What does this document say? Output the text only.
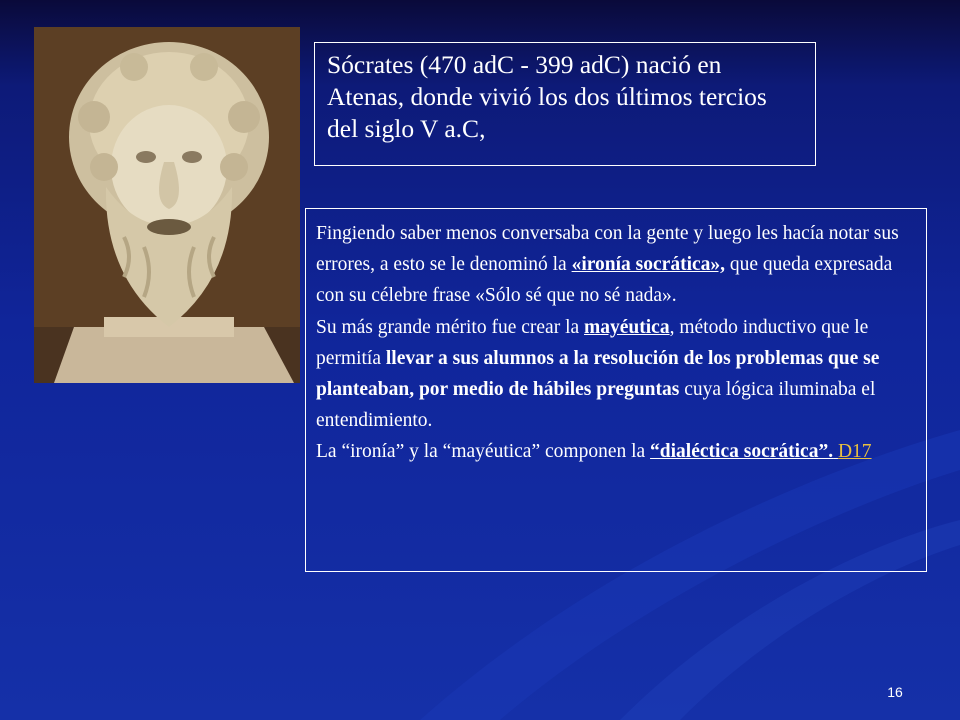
Sócrates (470 adC - 399 adC) nació en Atenas, donde vivió los dos últimos tercios del siglo V a.C,

Fingiendo saber menos conversaba con la gente y luego les hacía notar sus errores, a esto se le denominó la «ironía socrática», que queda expresada con su célebre frase «Sólo sé que no sé nada».

Su más grande mérito fue crear la mayéutica, método inductivo que le permitía llevar a sus alumnos a la resolución de los problemas que se planteaban, por medio de hábiles preguntas cuya lógica iluminaba el entendimiento.

La “ironía” y la “mayéutica” componen la “dialéctica socrática”. D17

16
